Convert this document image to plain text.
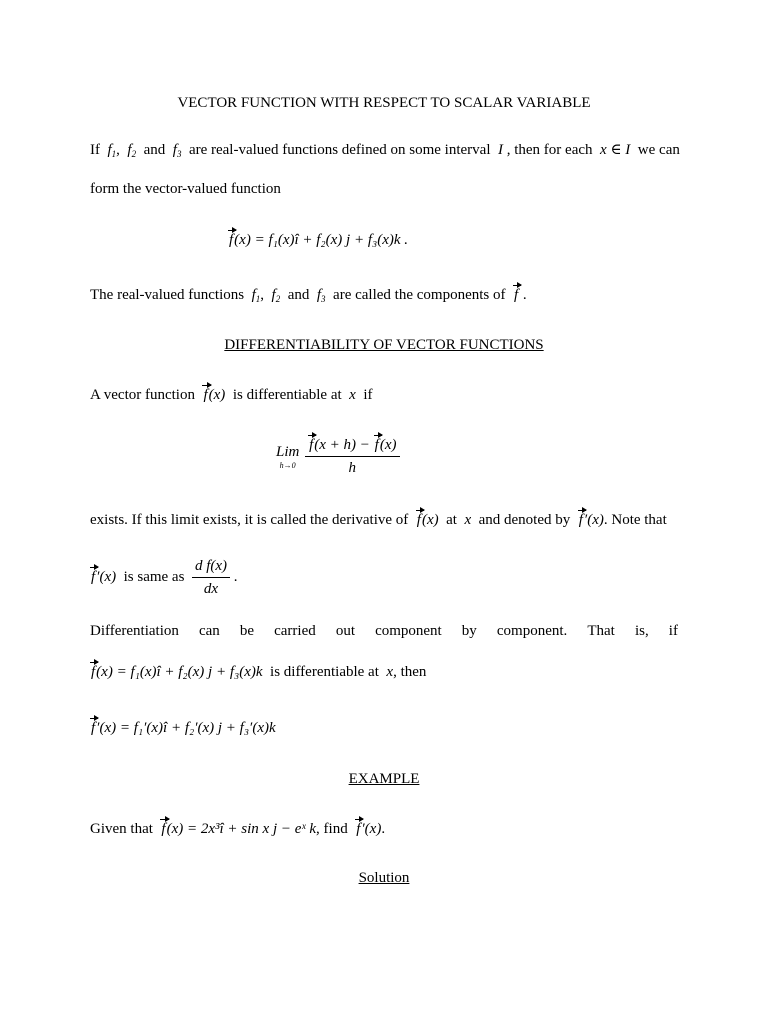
VECTOR FUNCTION WITH RESPECT TO SCALAR VARIABLE
If $f_1$, $f_2$ and $f_3$ are real-valued functions defined on some interval I , then for each x ∈ I we can
form the vector-valued function
f(x) = f₁(x)î + f₂(x) j + f₃(x)k .
The real-valued functions $f_1$, $f_2$ and $f_3$ are called the components of f .
DIFFERENTIABILITY OF VECTOR FUNCTIONS
A vector function f(x) is differentiable at x if
Lim
h→0
$\frac{f(x + h) - f(x)}{h}$
exists. If this limit exists, it is called the derivative of f(x) at x and denoted by f′(x). Note that
f′(x) is same as $\frac{\text{d f(x)}}{dx}$ .
Differentiation can be carried out component by component. That is, if
f(x) = f₁(x)î + f₂(x) j + f₃(x)k is differentiable at x, then
f′(x) = f₁′(x)î + f₂′(x) j + f₃′(x)k
EXAMPLE
Given that f(x) = 2x³î + sin x j − eˣ k, find f′(x).
Solution
